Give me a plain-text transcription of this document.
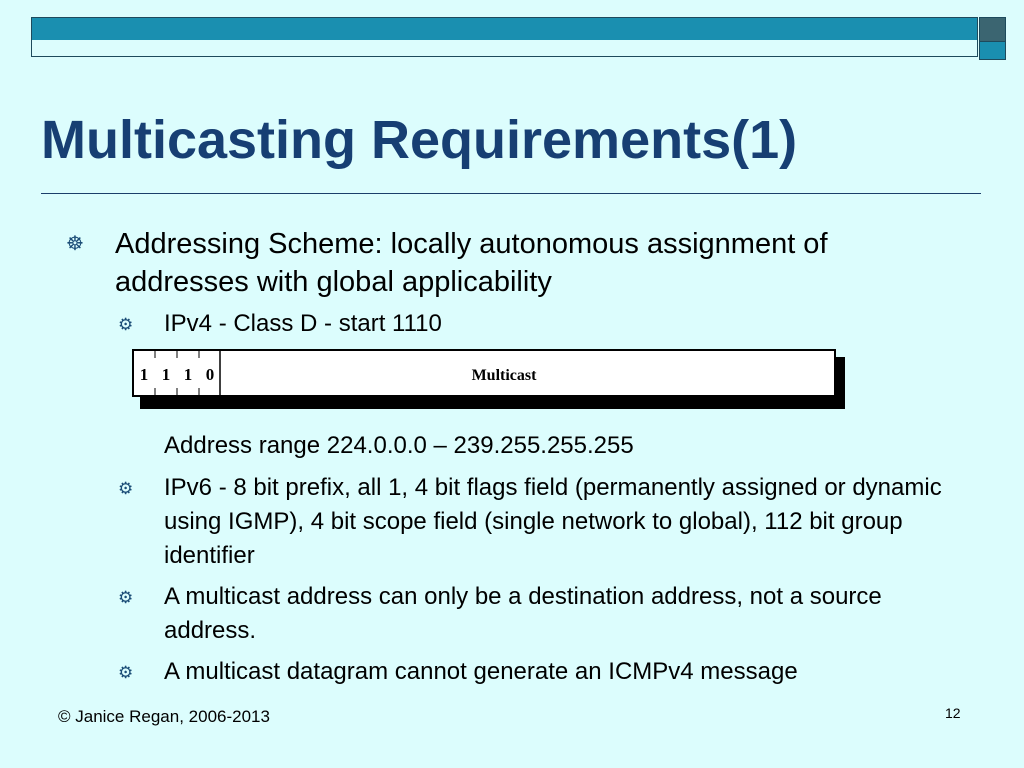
Multicasting Requirements(1)
☸ Addressing Scheme: locally autonomous assignment of addresses with global applicability
⚙ IPv4 - Class D - start 1110
1 1 1 0	Multicast
Address range 224.0.0.0 – 239.255.255.255
⚙ IPv6 - 8 bit prefix, all 1, 4 bit flags field (permanently assigned or dynamic using IGMP), 4 bit scope field (single network to global), 112 bit group identifier
⚙ A multicast address can only be a destination address, not a source address.
⚙ A multicast datagram cannot generate an ICMPv4 message
© Janice Regan, 2006-2013	12
